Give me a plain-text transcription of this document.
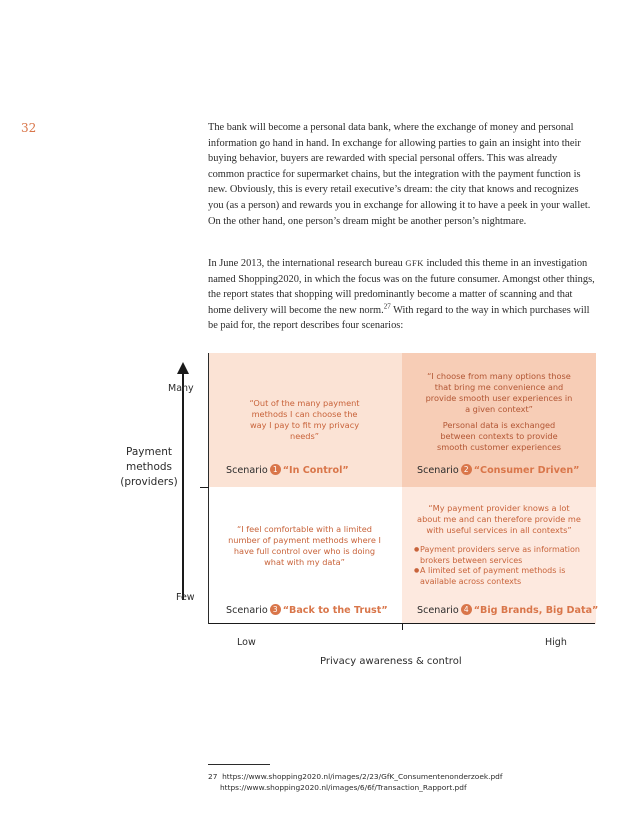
32	The bank will become a personal data bank, where the exchange of money and personal information go hand in hand. In exchange for allowing parties to gain an insight into their buying behavior, buyers are rewarded with special personal offers. This was already common practice for supermarket chains, but the integration with the payment function is new. Obviously, this is every retail executive’s dream: the city that knows and recognizes you (as a person) and rewards you in exchange for allowing it to have a peek in your wallet. On the other hand, one person’s dream might be another person’s nightmare.

In June 2013, the international research bureau GFK included this theme in an investigation named Shopping2020, in which the focus was on the future consumer. Amongst other things, the report states that shopping will predominantly become a matter of scanning and that home delivery will become the new norm.$^{27}$ With regard to the way in which purchases will be paid for, the report describes four scenarios:

“Out of the many payment methods I can choose the way I pay to fit my privacy needs”

Scenario 1 “In Control”

“I choose from many options those that bring me convenience and provide smooth user experiences in a given context”

Personal data is exchanged between contexts to provide smooth customer experiences

Scenario 2 “Consumer Driven”

“I feel comfortable with a limited number of payment methods where I have full control over who is doing what with my data”

Scenario 3 “Back to the Trust”

“My payment provider knows a lot about me and can therefore provide me with useful services in all contexts”

● Payment providers serve as information brokers between services
● A limited set of payment methods is available across contexts
Scenario 4 “Big Brands, Big Data”
Many
Few
Payment
methods
(providers)
Low	High
Privacy awareness & control
27 https://www.shopping2020.nl/images/2/23/GfK_Consumentenonderzoek.pdf
https://www.shopping2020.nl/images/6/6f/Transaction_Rapport.pdf
